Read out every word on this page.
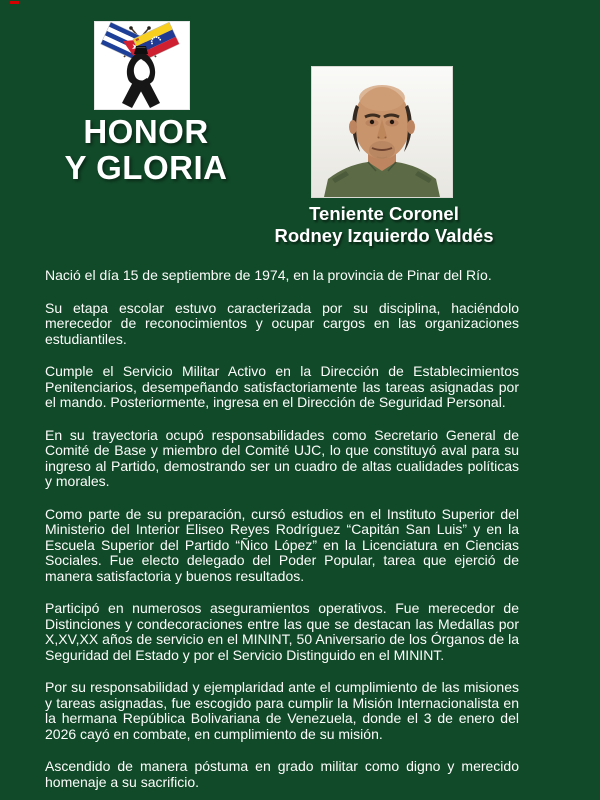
HONOR
Y GLORIA
Teniente Coronel
Rodney Izquierdo Valdés

Nació el día 15 de septiembre de 1974, en la provincia de Pinar del Río.

Su etapa escolar estuvo caracterizada por su disciplina, haciéndolo merecedor de reconocimientos y ocupar cargos en las organizaciones estudiantiles.

Cumple el Servicio Militar Activo en la Dirección de Establecimientos Penitenciarios, desempeñando satisfactoriamente las tareas asignadas por el mando. Posteriormente, ingresa en el Dirección de Seguridad Personal.

En su trayectoria ocupó responsabilidades como Secretario General de Comité de Base y miembro del Comité UJC, lo que constituyó aval para su ingreso al Partido, demostrando ser un cuadro de altas cualidades políticas y morales.

Como parte de su preparación, cursó estudios en el Instituto Superior del Ministerio del Interior Eliseo Reyes Rodríguez “Capitán San Luis” y en la Escuela Superior del Partido “Ñico López” en la Licenciatura en Ciencias Sociales. Fue electo delegado del Poder Popular, tarea que ejerció de manera satisfactoria y buenos resultados.

Participó en numerosos aseguramientos operativos. Fue merecedor de Distinciones y condecoraciones entre las que se destacan las Medallas por X,XV,XX años de servicio en el MININT, 50 Aniversario de los Órganos de la Seguridad del Estado y por el Servicio Distinguido en el MININT.

Por su responsabilidad y ejemplaridad ante el cumplimiento de las misiones y tareas asignadas, fue escogido para cumplir la Misión Internacionalista en la hermana República Bolivariana de Venezuela, donde el 3 de enero del 2026 cayó en combate, en cumplimiento de su misión.

Ascendido de manera póstuma en grado militar como digno y merecido homenaje a su sacrificio.
